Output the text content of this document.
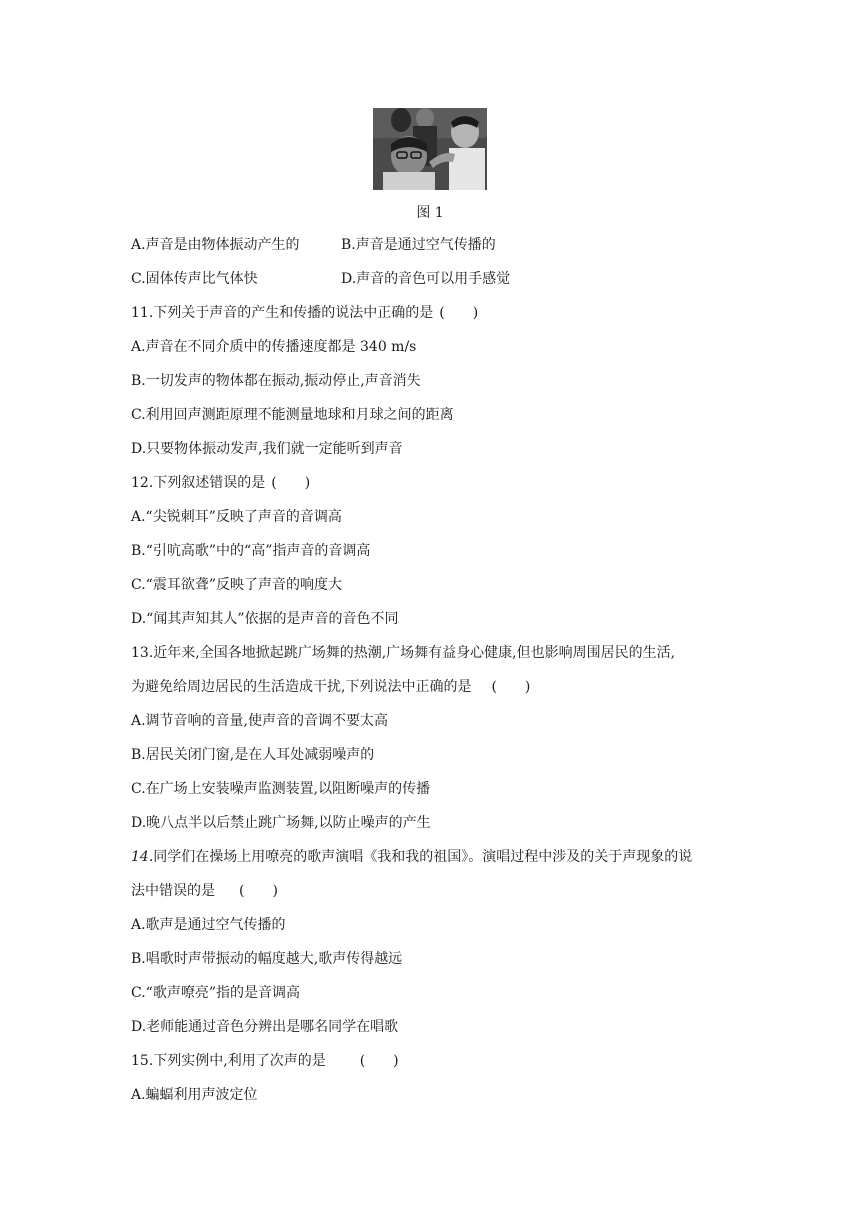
图 1
A.声音是由物体振动产生的	B.声音是通过空气传播的
C.固体传声比气体快	D.声音的音色可以用手感觉
11.下列关于声音的产生和传播的说法中正确的是 (　　)
A.声音在不同介质中的传播速度都是 340 m/s
B.一切发声的物体都在振动,振动停止,声音消失
C.利用回声测距原理不能测量地球和月球之间的距离
D.只要物体振动发声,我们就一定能听到声音
12.下列叙述错误的是 (　　)
A.“尖锐刺耳”反映了声音的音调高
B.“引吭高歌”中的“高”指声音的音调高
C.“震耳欲聋”反映了声音的响度大
D.“闻其声知其人”依据的是声音的音色不同
13.近年来,全国各地掀起跳广场舞的热潮,广场舞有益身心健康,但也影响周围居民的生活,
为避免给周边居民的生活造成干扰,下列说法中正确的是 (　　)
A.调节音响的音量,使声音的音调不要太高
B.居民关闭门窗,是在人耳处减弱噪声的
C.在广场上安装噪声监测装置,以阻断噪声的传播
D.晚八点半以后禁止跳广场舞,以防止噪声的产生
14.同学们在操场上用嘹亮的歌声演唱《我和我的祖国》。演唱过程中涉及的关于声现象的说
法中错误的是 (　　)
A.歌声是通过空气传播的
B.唱歌时声带振动的幅度越大,歌声传得越远
C.“歌声嘹亮”指的是音调高
D.老师能通过音色分辨出是哪名同学在唱歌
15.下列实例中,利用了次声的是 (　　)
A.蝙蝠利用声波定位
